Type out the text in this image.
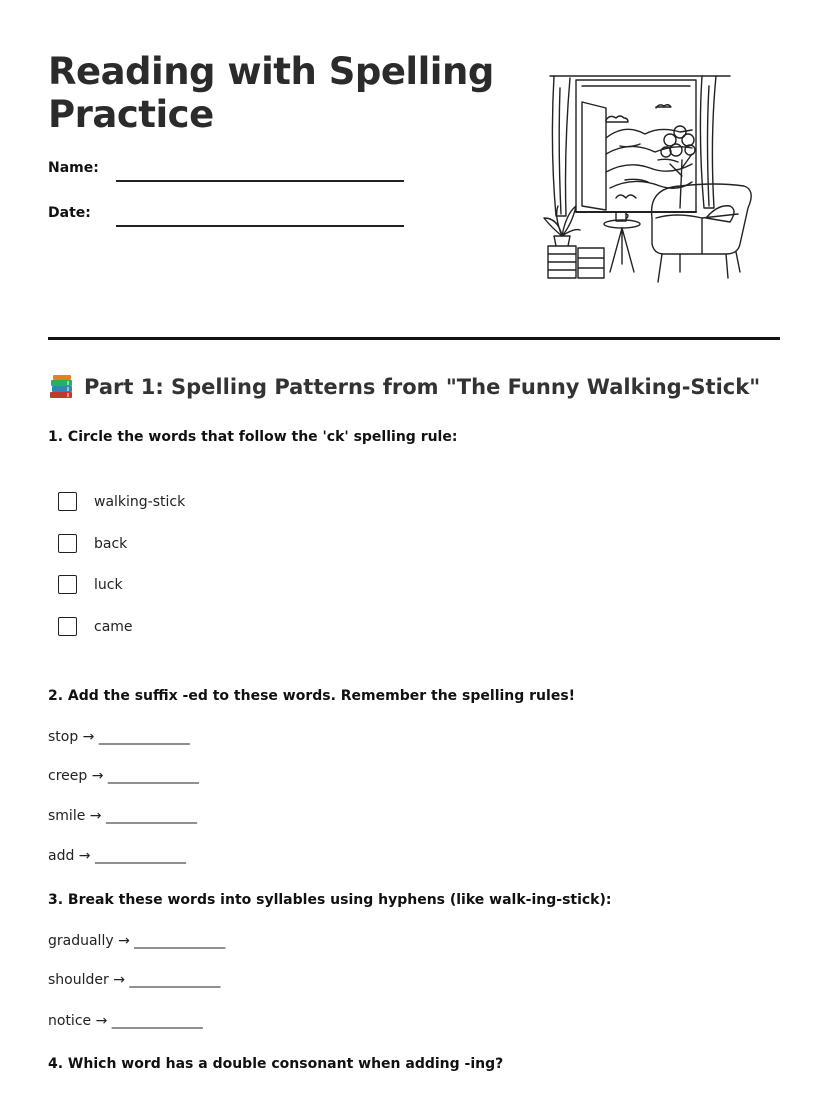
Reading with Spelling Practice
Name:
Date:
Part 1: Spelling Patterns from "The Funny Walking-Stick"
1. Circle the words that follow the 'ck' spelling rule:
walking-stick
back
luck
came
2. Add the suffix -ed to these words. Remember the spelling rules!
stop → _____________
creep → _____________
smile → _____________
add → _____________
3. Break these words into syllables using hyphens (like walk-ing-stick):
gradually → _____________
shoulder → _____________
notice → _____________
4. Which word has a double consonant when adding -ing?
